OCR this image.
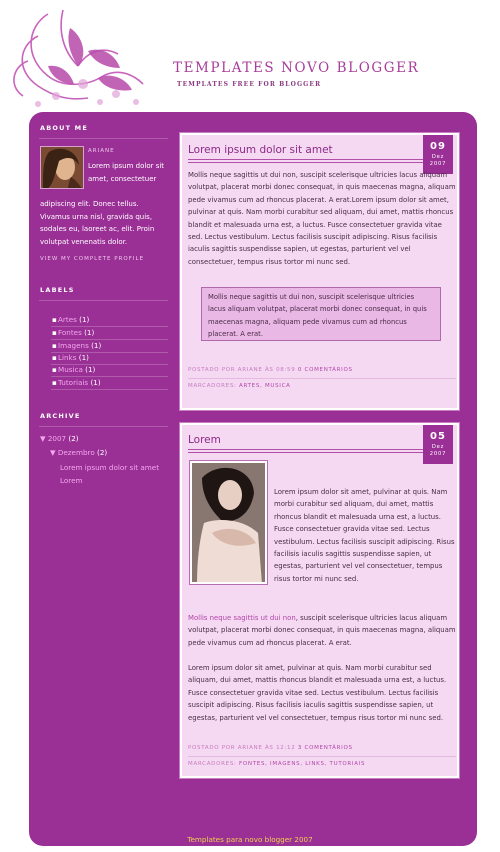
TEMPLATES NOVO BLOGGER
TEMPLATES FREE FOR BLOGGER
ABOUT ME
ARIANE
Lorem ipsum dolor sit amet, consectetuer
adipiscing elit. Donec tellus. Vivamus urna nisl, gravida quis, sodales eu, laoreet ac, elit. Proin volutpat venenatis dolor.
VIEW MY COMPLETE PROFILE
LABELS
▪ Artes (1)
▪ Fontes (1)
▪ Imagens (1)
▪ Links (1)
▪ Musica (1)
▪ Tutoriais (1)
ARCHIVE
▼ 2007 (2)
▼ Dezembro (2)
Lorem ipsum dolor sit amet
Lorem
Lorem ipsum dolor sit amet	09
Dez
2007
Mollis neque sagittis ut dui non, suscipit scelerisque ultricies lacus aliquam volutpat, placerat morbi donec consequat, in quis maecenas magna, aliquam pede vivamus cum ad rhoncus placerat. A erat.Lorem ipsum dolor sit amet, pulvinar at quis. Nam morbi curabitur sed aliquam, dui amet, mattis rhoncus blandit et malesuada urna est, a luctus. Fusce consectetuer gravida vitae sed. Lectus vestibulum. Lectus facilisis suscipit adipiscing. Risus facilisis iaculis sagittis suspendisse sapien, ut egestas, parturient vel vel consectetuer, tempus risus tortor mi nunc sed.
Mollis neque sagittis ut dui non, suscipit scelerisque ultricies lacus aliquam volutpat, placerat morbi donec consequat, in quis maecenas magna, aliquam pede vivamus cum ad rhoncus placerat. A erat.
POSTADO POR ARIANE ÀS 08:59 0 COMENTÁRIOS
MARCADORES: ARTES, MUSICA
Lorem	05
Dez
2007
Lorem ipsum dolor sit amet, pulvinar at quis. Nam morbi curabitur sed aliquam, dui amet, mattis rhoncus blandit et malesuada urna est, a luctus. Fusce consectetuer gravida vitae sed. Lectus vestibulum. Lectus facilisis suscipit adipiscing. Risus facilisis iaculis sagittis suspendisse sapien, ut egestas, parturient vel vel consectetuer, tempus risus tortor mi nunc sed.
Mollis neque sagittis ut dui non, suscipit scelerisque ultricies lacus aliquam volutpat, placerat morbi donec consequat, in quis maecenas magna, aliquam pede vivamus cum ad rhoncus placerat. A erat.
Lorem ipsum dolor sit amet, pulvinar at quis. Nam morbi curabitur sed aliquam, dui amet, mattis rhoncus blandit et malesuada urna est, a luctus. Fusce consectetuer gravida vitae sed. Lectus vestibulum. Lectus facilisis suscipit adipiscing. Risus facilisis iaculis sagittis suspendisse sapien, ut egestas, parturient vel vel consectetuer, tempus risus tortor mi nunc sed.
POSTADO POR ARIANE ÀS 12:12 3 COMENTÁRIOS
MARCADORES: FONTES, IMAGENS, LINKS, TUTORIAIS
Templates para novo blogger 2007
